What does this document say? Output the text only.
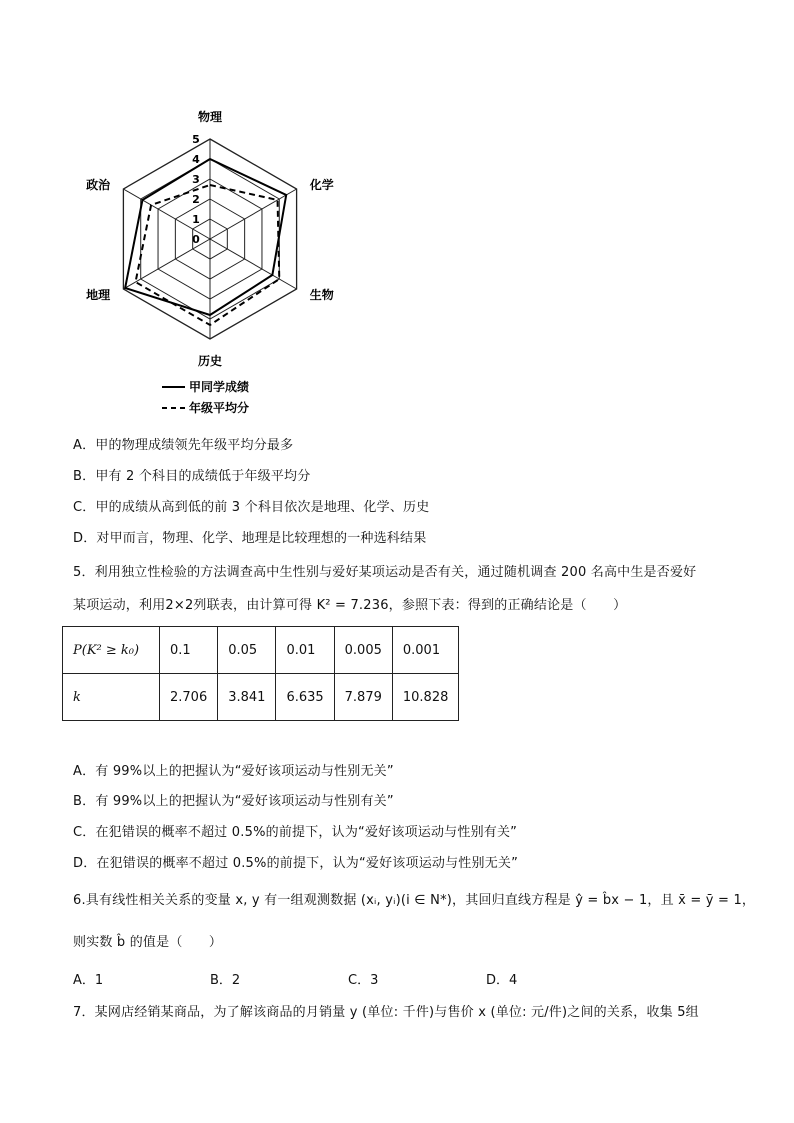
0
1
2
3
4
5
物理
化学
生物
历史
地理
政治
甲同学成绩
年级平均分
A．甲的物理成绩领先年级平均分最多
B．甲有 2 个科目的成绩低于年级平均分
C．甲的成绩从高到低的前 3 个科目依次是地理、化学、历史
D．对甲而言，物理、化学、地理是比较理想的一种选科结果
5．利用独立性检验的方法调查高中生性别与爱好某项运动是否有关，通过随机调查 200 名高中生是否爱好
某项运动，利用2×2列联表，由计算可得 K² = 7.236，参照下表：得到的正确结论是（　　）
P(K² ≥ k₀)	0.1	0.05	0.01	0.005	0.001
k	2.706	3.841	6.635	7.879	10.828
A．有 99%以上的把握认为“爱好该项运动与性别无关”
B．有 99%以上的把握认为“爱好该项运动与性别有关”
C．在犯错误的概率不超过 0.5%的前提下，认为“爱好该项运动与性别有关”
D．在犯错误的概率不超过 0.5%的前提下，认为“爱好该项运动与性别无关”
6.具有线性相关关系的变量 x, y 有一组观测数据 (xᵢ, yᵢ)(i ∈ N*)，其回归直线方程是 ŷ = b̂x − 1，且 x̄ = ȳ = 1，
则实数 b̂ 的值是（　　）
A．1	B．2	C．3	D．4
7．某网店经销某商品，为了解该商品的月销量 y (单位: 千件)与售价 x (单位: 元/件)之间的关系，收集 5组
